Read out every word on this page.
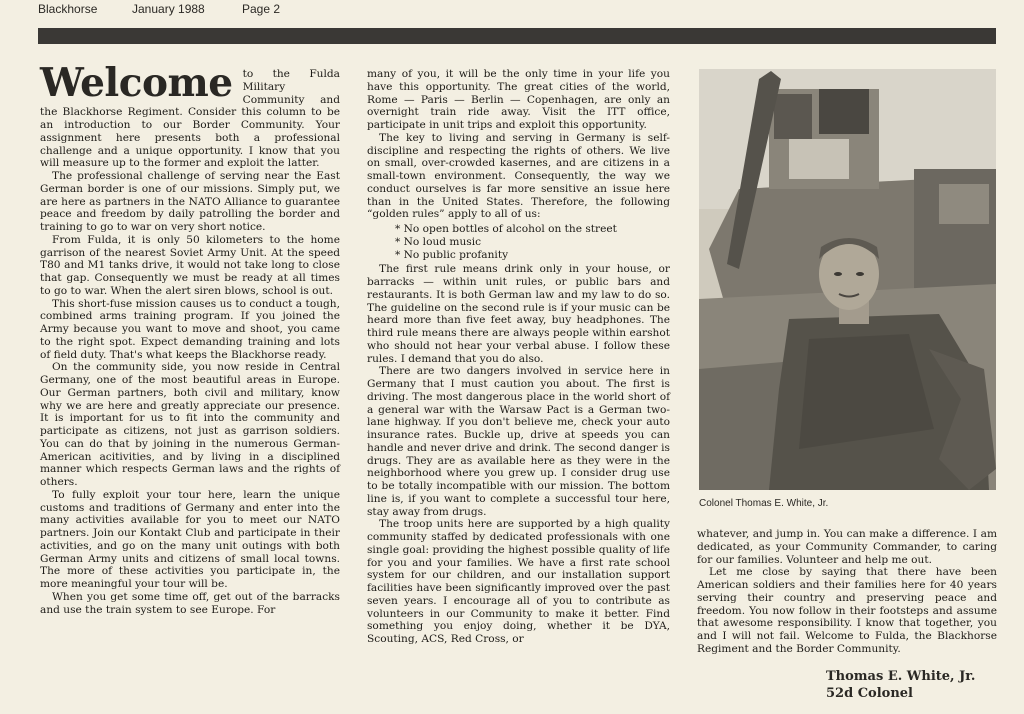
Blackhorse	January 1988	Page 2

Welcome to the Fulda Military Community and the Blackhorse Regiment. Consider this column to be an introduction to our Border Community. Your assignment here presents both a professional challenge and a unique opportunity. I know that you will measure up to the former and exploit the latter.

The professional challenge of serving near the East German border is one of our missions. Simply put, we are here as partners in the NATO Alliance to guarantee peace and freedom by daily patrolling the border and training to go to war on very short notice.

From Fulda, it is only 50 kilometers to the home garrison of the nearest Soviet Army Unit. At the speed T80 and M1 tanks drive, it would not take long to close that gap. Consequently we must be ready at all times to go to war. When the alert siren blows, school is out.

This short-fuse mission causes us to conduct a tough, combined arms training program. If you joined the Army because you want to move and shoot, you came to the right spot. Expect demanding training and lots of field duty. That's what keeps the Blackhorse ready.

On the community side, you now reside in Central Germany, one of the most beautiful areas in Europe. Our German partners, both civil and military, know why we are here and greatly appreciate our presence. It is important for us to fit into the community and participate as citizens, not just as garrison soldiers. You can do that by joining in the numerous German-American acitivities, and by living in a disciplined manner which respects German laws and the rights of others.

To fully exploit your tour here, learn the unique customs and traditions of Germany and enter into the many activities available for you to meet our NATO partners. Join our Kontakt Club and participate in their activities, and go on the many unit outings with both German Army units and citizens of small local towns. The more of these activities you participate in, the more meaningful your tour will be.

When you get some time off, get out of the barracks and use the train system to see Europe. For

many of you, it will be the only time in your life you have this opportunity. The great cities of the world, Rome — Paris — Berlin — Copenhagen, are only an overnight train ride away. Visit the ITT office, participate in unit trips and exploit this opportunity.

The key to living and serving in Germany is self-discipline and respecting the rights of others. We live on small, over-crowded kasernes, and are citizens in a small-town environment. Consequently, the way we conduct ourselves is far more sensitive an issue here than in the United States. Therefore, the following “golden rules” apply to all of us:

* No open bottles of alcohol on the street
* No loud music
* No public profanity

The first rule means drink only in your house, or barracks — within unit rules, or public bars and restaurants. It is both German law and my law to do so. The guideline on the second rule is if your music can be heard more than five feet away, buy headphones. The third rule means there are always people within earshot who should not hear your verbal abuse. I follow these rules. I demand that you do also.

There are two dangers involved in service here in Germany that I must caution you about. The first is driving. The most dangerous place in the world short of a general war with the Warsaw Pact is a German two-lane highway. If you don't believe me, check your auto insurance rates. Buckle up, drive at speeds you can handle and never drive and drink. The second danger is drugs. They are as available here as they were in the neighborhood where you grew up. I consider drug use to be totally incompatible with our mission. The bottom line is, if you want to complete a successful tour here, stay away from drugs.

The troop units here are supported by a high quality community staffed by dedicated professionals with one single goal: providing the highest possible quality of life for you and your families. We have a first rate school system for our children, and our installation support facilities have been significantly improved over the past seven years. I encourage all of you to contribute as volunteers in our Community to make it better. Find something you enjoy doing, whether it be DYA, Scouting, ACS, Red Cross, or

Colonel Thomas E. White, Jr.

whatever, and jump in. You can make a difference. I am dedicated, as your Community Commander, to caring for our families. Volunteer and help me out.

Let me close by saying that there have been American soldiers and their families here for 40 years serving their country and preserving peace and freedom. You now follow in their footsteps and assume that awesome responsibility. I know that together, you and I will not fail. Welcome to Fulda, the Blackhorse Regiment and the Border Community.

Thomas E. White, Jr.
52d Colonel
